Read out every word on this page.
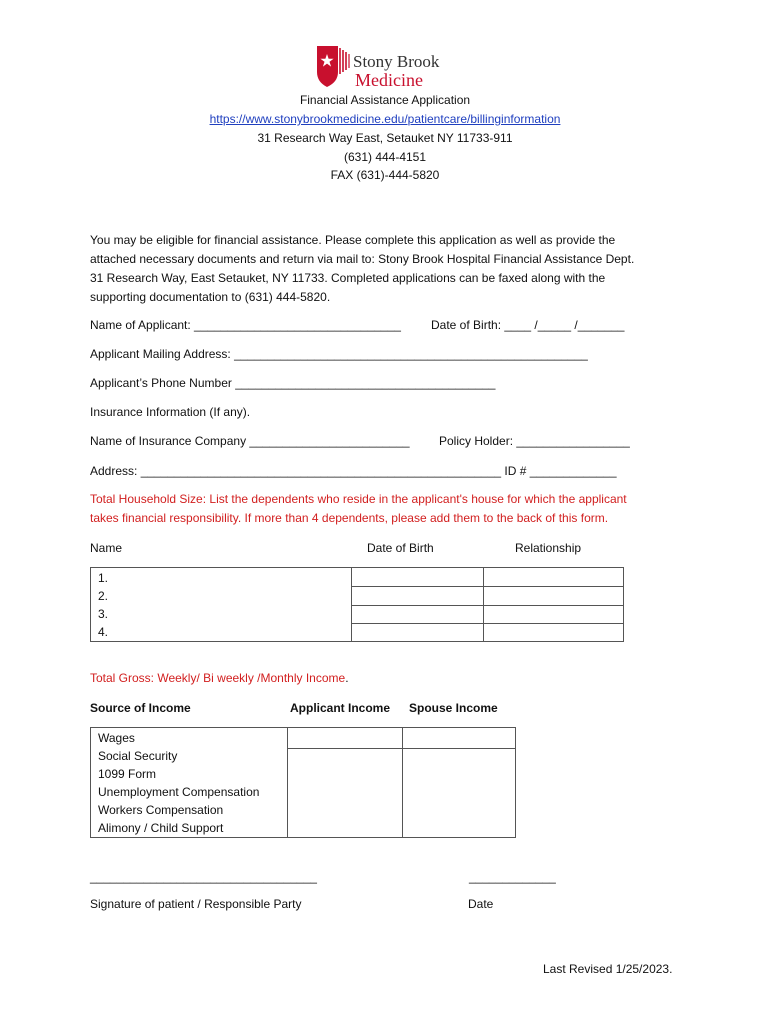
Stony Brook
Medicine
Financial Assistance Application
https://www.stonybrookmedicine.edu/patientcare/billinginformation
31 Research Way East, Setauket NY 11733-911
(631) 444-4151
FAX (631)-444-5820
You may be eligible for financial assistance. Please complete this application as well as provide the
attached necessary documents and return via mail to: Stony Brook Hospital Financial Assistance Dept.
31 Research Way, East Setauket, NY 11733. Completed applications can be faxed along with the
supporting documentation to (631) 444-5820.
Name of Applicant: _______________________________	Date of Birth: ____ /_____ /_______
Applicant Mailing Address: _____________________________________________________
Applicant’s Phone Number _______________________________________
Insurance Information (If any).
Name of Insurance Company ________________________ Policy Holder: _________________
Address: ______________________________________________________ ID # _____________
Total Household Size: List the dependents who reside in the applicant's house for which the applicant
takes financial responsibility. If more than 4 dependents, please add them to the back of this form.
Name	Date of Birth	Relationship
1.
2.
3.
4.

Total Gross: Weekly/ Bi weekly /Monthly Income.
Source of Income	Applicant Income Spouse Income
Wages
Social Security
1099 Form
Unemployment Compensation
Workers Compensation
Alimony / Child Support

__________________________________	_____________
Signature of patient / Responsible Party	Date
Last Revised 1/25/2023.
